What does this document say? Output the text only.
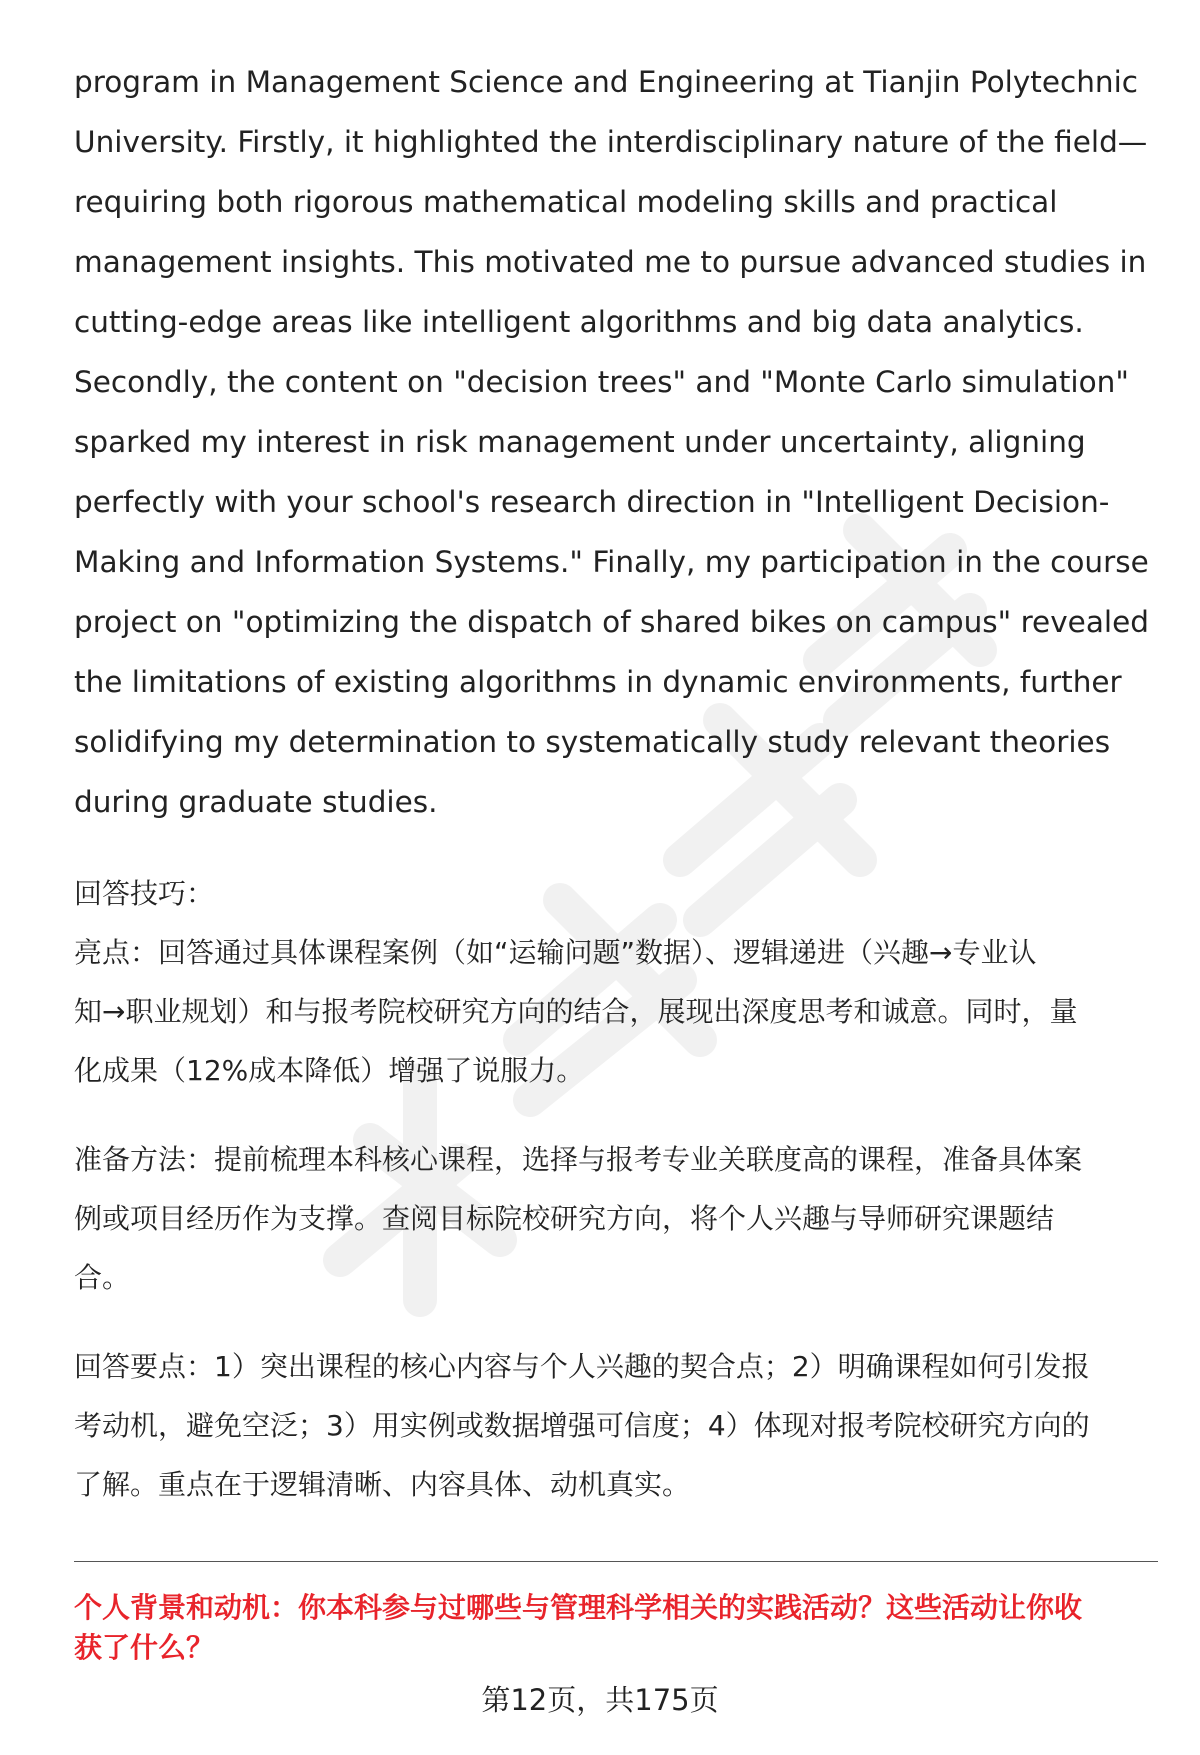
program in Management Science and Engineering at Tianjin Polytechnic
University. Firstly, it highlighted the interdisciplinary nature of the field—
requiring both rigorous mathematical modeling skills and practical
management insights. This motivated me to pursue advanced studies in
cutting-edge areas like intelligent algorithms and big data analytics.
Secondly, the content on "decision trees" and "Monte Carlo simulation"
sparked my interest in risk management under uncertainty, aligning
perfectly with your school's research direction in "Intelligent Decision-
Making and Information Systems." Finally, my participation in the course
project on "optimizing the dispatch of shared bikes on campus" revealed
the limitations of existing algorithms in dynamic environments, further
solidifying my determination to systematically study relevant theories
during graduate studies.

回答技巧：
亮点：回答通过具体课程案例（如“运输问题”数据）、逻辑递进（兴趣→专业认
知→职业规划）和与报考院校研究方向的结合，展现出深度思考和诚意。同时，量
化成果（12%成本降低）增强了说服力。

准备方法：提前梳理本科核心课程，选择与报考专业关联度高的课程，准备具体案
例或项目经历作为支撑。查阅目标院校研究方向，将个人兴趣与导师研究课题结
合。

回答要点：1）突出课程的核心内容与个人兴趣的契合点；2）明确课程如何引发报
考动机，避免空泛；3）用实例或数据增强可信度；4）体现对报考院校研究方向的
了解。重点在于逻辑清晰、内容具体、动机真实。

个人背景和动机：你本科参与过哪些与管理科学相关的实践活动？这些活动让你收
获了什么？

第12页，共175页
